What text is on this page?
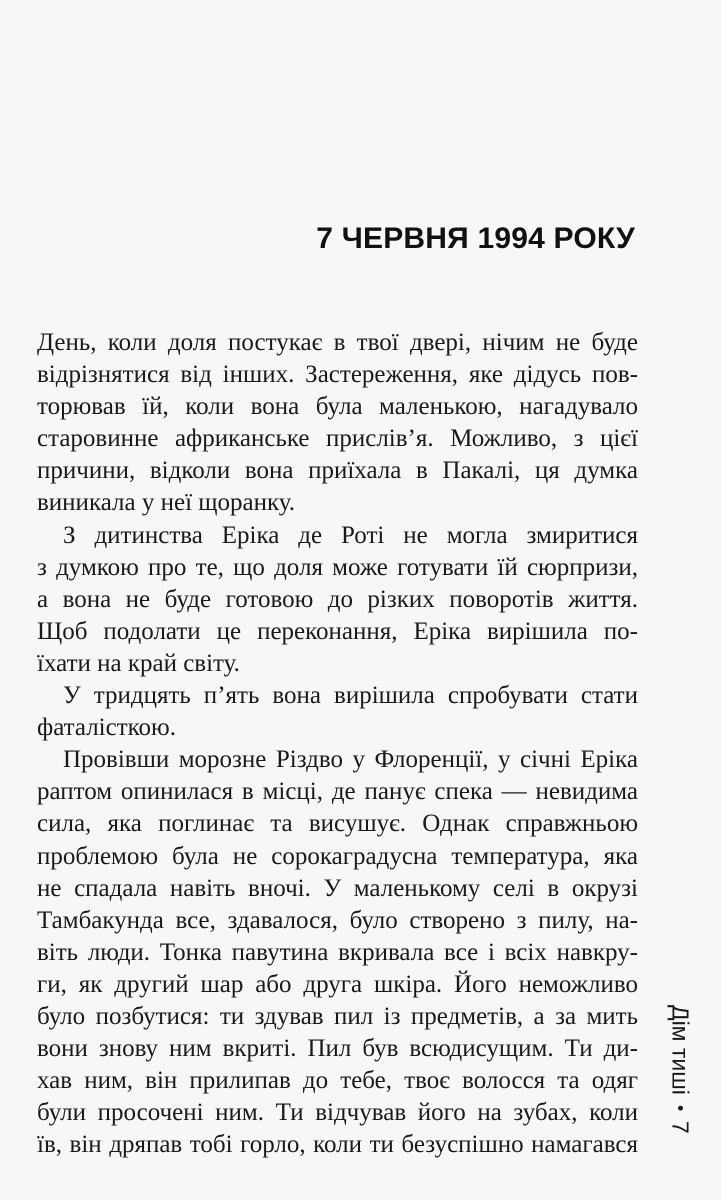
7 ЧЕРВНЯ 1994 РОКУ
День, коли доля постукає в твої двері, нічим не буде
відрізнятися від інших. Застереження, яке дідусь пов-
торював їй, коли вона була маленькою, нагадувало
старовинне африканське прислів’я. Можливо, з цієї
причини, відколи вона приїхала в Пакалі, ця думка
виникала у неї щоранку.
З дитинства Еріка де Роті не могла змиритися
з думкою про те, що доля може готувати їй сюрпризи,
а вона не буде готовою до різких поворотів життя.
Щоб подолати це переконання, Еріка вирішила по-
їхати на край світу.
У тридцять п’ять вона вирішила спробувати стати
фаталісткою.
Провівши морозне Різдво у Флоренції, у січні Еріка
раптом опинилася в місці, де панує спека — невидима
сила, яка поглинає та висушує. Однак справжньою
проблемою була не сорокаградусна температура, яка
не спадала навіть вночі. У маленькому селі в окрузі
Тамбакунда все, здавалося, було створено з пилу, на-
віть люди. Тонка павутина вкривала все і всіх навкру-
ги, як другий шар або друга шкіра. Його неможливо
було позбутися: ти здував пил із предметів, а за мить
вони знову ним вкриті. Пил був всюдисущим. Ти ди-
хав ним, він прилипав до тебе, твоє волосся та одяг
були просочені ним. Ти відчував його на зубах, коли
їв, він дряпав тобі горло, коли ти безуспішно намагався
Дім тиші
•
7
